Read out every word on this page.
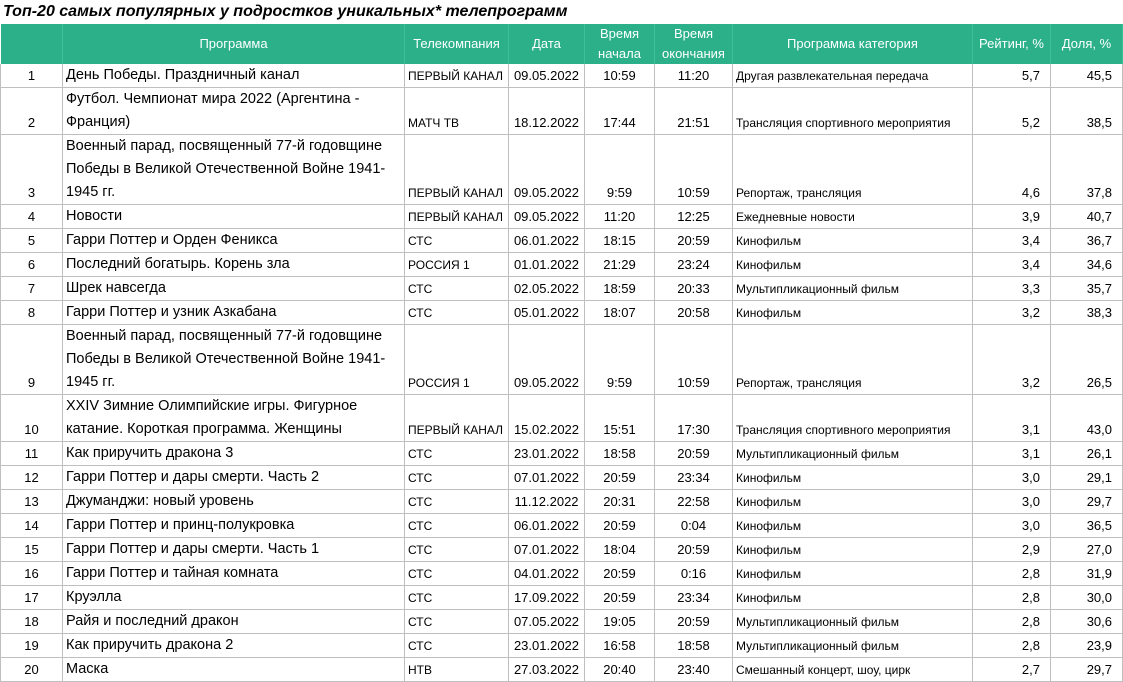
Топ-20 самых популярных у подростков уникальных* телепрограмм
	Программа	Телекомпания	Дата	Время начала	Время окончания	Программа категория	Рейтинг, %	Доля, %
1	День Победы. Праздничный канал	ПЕРВЫЙ КАНАЛ	09.05.2022	10:59	11:20	Другая развлекательная передача	5,7	45,5
2	Футбол. Чемпионат мира 2022 (Аргентина - Франция)	МАТЧ ТВ	18.12.2022	17:44	21:51	Трансляция спортивного мероприятия	5,2	38,5
3	Военный парад, посвященный 77-й годовщине Победы в Великой Отечественной Войне 1941-1945 гг.	ПЕРВЫЙ КАНАЛ	09.05.2022	9:59	10:59	Репортаж, трансляция	4,6	37,8
4	Новости	ПЕРВЫЙ КАНАЛ	09.05.2022	11:20	12:25	Ежедневные новости	3,9	40,7
5	Гарри Поттер и Орден Феникса	СТС	06.01.2022	18:15	20:59	Кинофильм	3,4	36,7
6	Последний богатырь. Корень зла	РОССИЯ 1	01.01.2022	21:29	23:24	Кинофильм	3,4	34,6
7	Шрек навсегда	СТС	02.05.2022	18:59	20:33	Мультипликационный фильм	3,3	35,7
8	Гарри Поттер и узник Азкабана	СТС	05.01.2022	18:07	20:58	Кинофильм	3,2	38,3
9	Военный парад, посвященный 77-й годовщине Победы в Великой Отечественной Войне 1941-1945 гг.	РОССИЯ 1	09.05.2022	9:59	10:59	Репортаж, трансляция	3,2	26,5
10	XXIV Зимние Олимпийские игры. Фигурное катание. Короткая программа. Женщины	ПЕРВЫЙ КАНАЛ	15.02.2022	15:51	17:30	Трансляция спортивного мероприятия	3,1	43,0
11	Как приручить дракона 3	СТС	23.01.2022	18:58	20:59	Мультипликационный фильм	3,1	26,1
12	Гарри Поттер и дары смерти. Часть 2	СТС	07.01.2022	20:59	23:34	Кинофильм	3,0	29,1
13	Джуманджи: новый уровень	СТС	11.12.2022	20:31	22:58	Кинофильм	3,0	29,7
14	Гарри Поттер и принц-полукровка	СТС	06.01.2022	20:59	0:04	Кинофильм	3,0	36,5
15	Гарри Поттер и дары смерти. Часть 1	СТС	07.01.2022	18:04	20:59	Кинофильм	2,9	27,0
16	Гарри Поттер и тайная комната	СТС	04.01.2022	20:59	0:16	Кинофильм	2,8	31,9
17	Круэлла	СТС	17.09.2022	20:59	23:34	Кинофильм	2,8	30,0
18	Райя и последний дракон	СТС	07.05.2022	19:05	20:59	Мультипликационный фильм	2,8	30,6
19	Как приручить дракона 2	СТС	23.01.2022	16:58	18:58	Мультипликационный фильм	2,8	23,9
20	Маска	НТВ	27.03.2022	20:40	23:40	Смешанный концерт, шоу, цирк	2,7	29,7
